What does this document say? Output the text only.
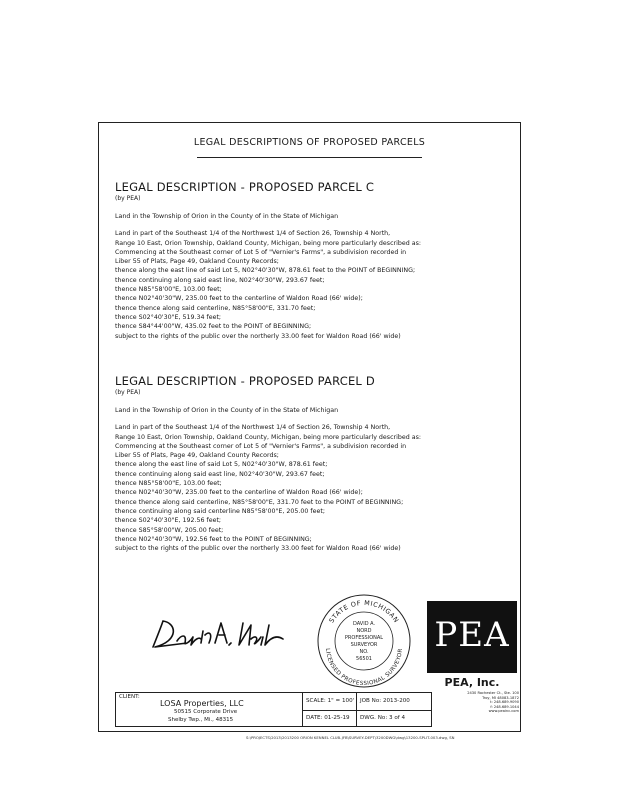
LEGAL DESCRIPTIONS OF PROPOSED PARCELS
LEGAL DESCRIPTION - PROPOSED PARCEL C
(by PEA)
Land in the Township of Orion in the County of in the State of Michigan
Land in part of the Southeast 1/4 of the Northwest 1/4 of Section 26, Township 4 North,
Range 10 East, Orion Township, Oakland County, Michigan, being more particularly described as:
Commencing at the Southeast corner of Lot 5 of "Vernier's Farms", a subdivision recorded in
Liber 55 of Plats, Page 49, Oakland County Records;
thence along the east line of said Lot 5, N02°40'30"W, 878.61 feet to the POINT of BEGINNING;
thence continuing along said east line, N02°40'30"W, 293.67 feet;
thence N85°58'00"E, 103.00 feet;
thence N02°40'30"W, 235.00 feet to the centerline of Waldon Road (66' wide);
thence thence along said centerline, N85°58'00"E, 331.70 feet;
thence S02°40'30"E, 519.34 feet;
thence S84°44'00"W, 435.02 feet to the POINT of BEGINNING;
subject to the rights of the public over the northerly 33.00 feet for Waldon Road (66' wide)
LEGAL DESCRIPTION - PROPOSED PARCEL D
(by PEA)
Land in the Township of Orion in the County of in the State of Michigan
Land in part of the Southeast 1/4 of the Northwest 1/4 of Section 26, Township 4 North,
Range 10 East, Orion Township, Oakland County, Michigan, being more particularly described as:
Commencing at the Southeast corner of Lot 5 of "Vernier's Farms", a subdivision recorded in
Liber 55 of Plats, Page 49, Oakland County Records;
thence along the east line of said Lot 5, N02°40'30"W, 878.61 feet;
thence continuing along said east line, N02°40'30"W, 293.67 feet;
thence N85°58'00"E, 103.00 feet;
thence N02°40'30"W, 235.00 feet to the centerline of Waldon Road (66' wide);
thence thence along said centerline, N85°58'00"E, 331.70 feet to the POINT of BEGINNING;
thence continuing along said centerline N85°58'00"E, 205.00 feet;
thence S02°40'30"E, 192.56 feet;
thence S85°58'00"W, 205.00 feet;
thence N02°40'30"W, 192.56 feet to the POINT of BEGINNING;
subject to the rights of the public over the northerly 33.00 feet for Waldon Road (66' wide)
STATE OF MICHIGAN
LICENSED PROFESSIONAL SURVEYOR
DAVID A.
NORD
PROFESSIONAL
SURVEYOR
NO.
56501
PEA
PEA, Inc.
2430 Rochester Ct., Ste. 100
Troy, MI 48083-1872
t: 248.689.9090
f: 248.689.1044
www.peainc.com
CLIENT:
LOSA Properties, LLC
50515 Corporate Drive
Shelby Twp., Mi., 48315
SCALE: 1" = 100' JOB No: 2013-200
DATE: 01-25-19 DWG. No: 3 of 4
S:\PROJECTS\2013\2013200 ORION KENNEL CLUB-JFB\SURVEY-DEPT\3200DWG\dwg\13200-SPLIT-003.dwg, SN
